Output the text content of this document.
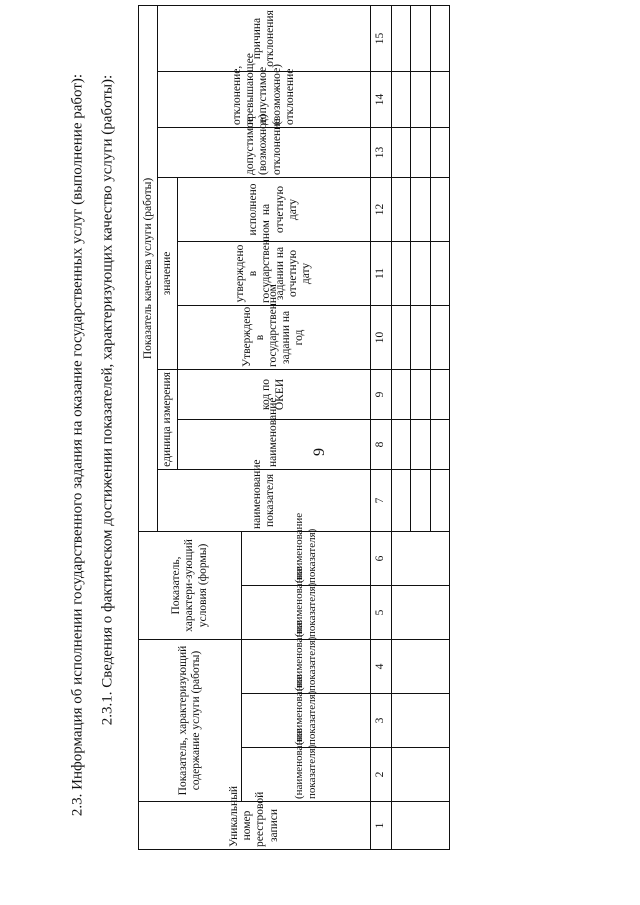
9
2.3. Информация об исполнении государственного задания на оказание государственных услуг (выполнение работ): 2.3.1. Сведения о фактическом достижении показателей, характеризующих качество услуги (работы):
Уникальный номер реестровой записи	Показатель, характеризующий содержание услуги (работы)			Показатель, характери-зующий условия (формы)		Показатель качества услуги (работы)								
						наименование показателя	единица измерения		значение			допустимое (возможное) отклонение	отклонение, превышающее допустимое (возможное) отклонение	причина отклонения
							наименование	код по ОКЕИ	Утверждено в государственном задании на год	утверждено в государственном задании на отчетную дату	исполнено на отчетную дату			
	(наименование показателя)	(наименование показателя)	(наименование показателя)	(наименование показателя)	(наименование показателя)									
1	2	3	4	5	6	7	8	9	10	11	12	13	14	15
